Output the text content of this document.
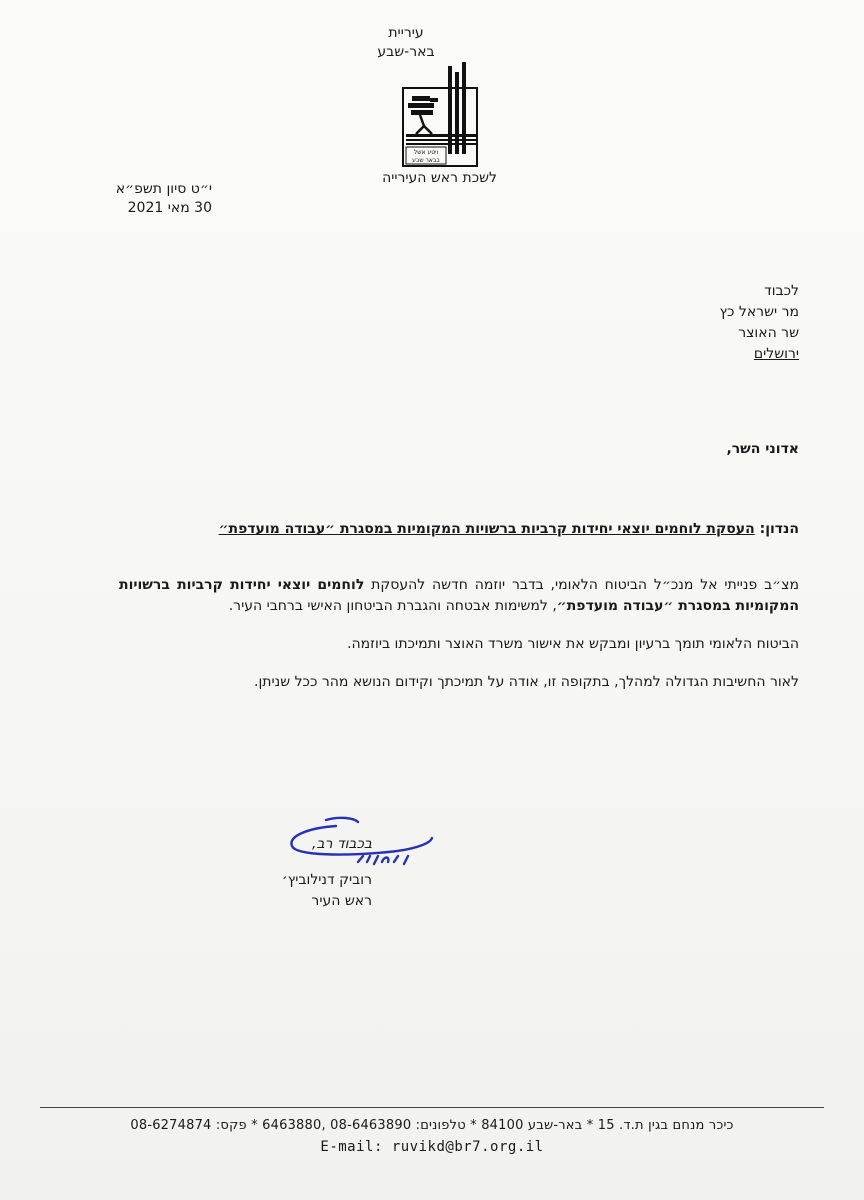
עיריית
באר-שבע
ויטע אשל
בבאר שבע
לשכת ראש העירייה
י״ט סיון תשפ״א
30 מאי 2021
לכבוד
מר ישראל כץ
שר האוצר
ירושלים
אדוני השר,
הנדון: העסקת לוחמים יוצאי יחידות קרביות ברשויות המקומיות במסגרת ״עבודה מועדפת״

מצ״ב פנייתי אל מנכ״ל הביטוח הלאומי, בדבר יוזמה חדשה להעסקת לוחמים יוצאי יחידות קרביות ברשויות המקומיות במסגרת ״עבודה מועדפת״, למשימות אבטחה והגברת הביטחון האישי ברחבי העיר.

הביטוח הלאומי תומך ברעיון ומבקש את אישור משרד האוצר ותמיכתו ביוזמה.

לאור החשיבות הגדולה למהלך, בתקופה זו, אודה על תמיכתך וקידום הנושא מהר ככל שניתן.

בכבוד רב,
רוביק דנילוביץ׳
ראש העיר
כיכר מנחם בגין ת.ד. 15 * באר-שבע 84100 * טלפונים: 08-6463890 ,6463880 * פקס: 08-6274874
E-mail: ruvikd@br7.org.il
